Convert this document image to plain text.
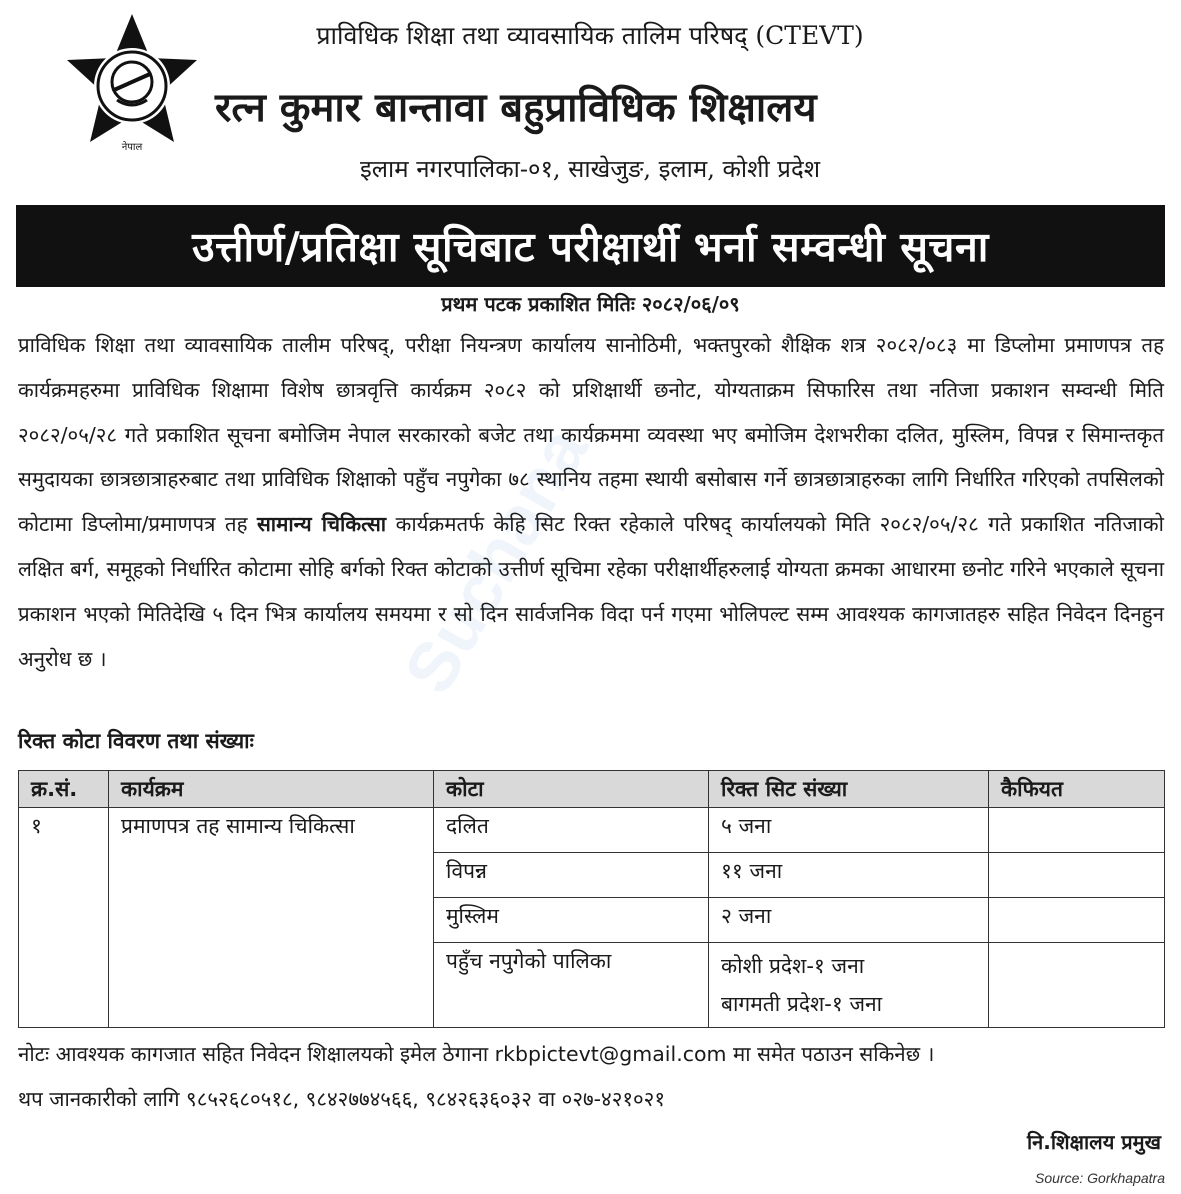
Suchana
नेपाल
प्राविधिक शिक्षा तथा व्यावसायिक तालिम परिषद् (CTEVT)
रत्न कुमार बान्तावा बहुप्राविधिक शिक्षालय
इलाम नगरपालिका-०१, साखेजुङ, इलाम, कोशी प्रदेश
उत्तीर्ण/प्रतिक्षा सूचिबाट परीक्षार्थी भर्ना सम्वन्धी सूचना
प्रथम पटक प्रकाशित मितिः २०८२/०६/०९
प्राविधिक शिक्षा तथा व्यावसायिक तालीम परिषद्, परीक्षा नियन्त्रण कार्यालय सानोठिमी, भक्तपुरको शैक्षिक शत्र २०८२/०८३ मा डिप्लोमा प्रमाणपत्र तह कार्यक्रमहरुमा प्राविधिक शिक्षामा विशेष छात्रवृत्ति कार्यक्रम २०८२ को प्रशिक्षार्थी छनोट, योग्यताक्रम सिफारिस तथा नतिजा प्रकाशन सम्वन्धी मिति २०८२/०५/२८ गते प्रकाशित सूचना बमोजिम नेपाल सरकारको बजेट तथा कार्यक्रममा व्यवस्था भए बमोजिम देशभरीका दलित, मुस्लिम, विपन्न र सिमान्तकृत समुदायका छात्रछात्राहरुबाट तथा प्राविधिक शिक्षाको पहुँच नपुगेका ७८ स्थानिय तहमा स्थायी बसोबास गर्ने छात्रछात्राहरुका लागि निर्धारित गरिएको तपसिलको कोटामा डिप्लोमा/प्रमाणपत्र तह सामान्य चिकित्सा कार्यक्रमतर्फ केहि सिट रिक्त रहेकाले परिषद् कार्यालयको मिति २०८२/०५/२८ गते प्रकाशित नतिजाको लक्षित बर्ग, समूहको निर्धारित कोटामा सोहि बर्गको रिक्त कोटाको उत्तीर्ण सूचिमा रहेका परीक्षार्थीहरुलाई योग्यता क्रमका आधारमा छनोट गरिने भएकाले सूचना प्रकाशन भएको मितिदेखि ५ दिन भित्र कार्यालय समयमा र सो दिन सार्वजनिक विदा पर्न गएमा भोलिपल्ट सम्म आवश्यक कागजातहरु सहित निवेदन दिनहुन अनुरोध छ ।
रिक्त कोटा विवरण तथा संख्याः
क्र.सं.	कार्यक्रम	कोटा	रिक्त सिट संख्या	कैफियत
१	प्रमाणपत्र तह सामान्य चिकित्सा	दलित	५ जना	
		विपन्न	११ जना	
		मुस्लिम	२ जना	
		पहुँच नपुगेको पालिका	कोशी प्रदेश-१ जना
बागमती प्रदेश-१ जना	

नोटः आवश्यक कागजात सहित निवेदन शिक्षालयको इमेल ठेगाना rkbpictevt@gmail.com मा समेत पठाउन सकिनेछ ।
थप जानकारीको लागि ९८५२६८०५१८, ९८४२७७४५६६, ९८४२६३६०३२ वा ०२७-४२१०२१
नि.शिक्षालय प्रमुख
Source: Gorkhapatra
